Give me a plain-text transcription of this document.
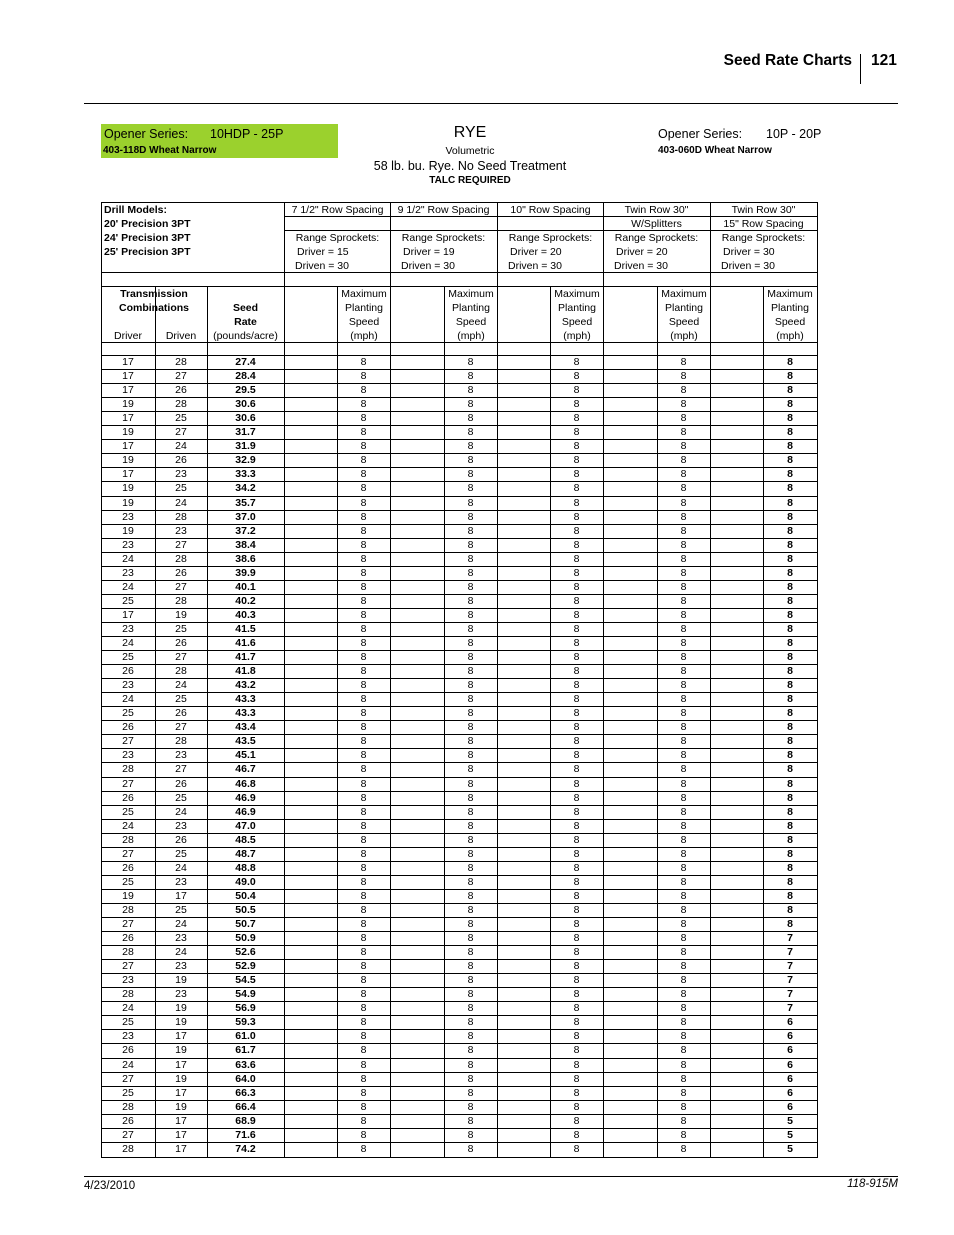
Seed Rate Charts 121
Opener Series: 10HDP - 25P
403-118D Wheat Narrow
RYE
Volumetric
58 lb. bu. Rye. No Seed Treatment
TALC REQUIRED
Opener Series: 10P - 20P
403-060D Wheat Narrow
Drill Models:
20' Precision 3PT
24' Precision 3PT
25' Precision 3PT
7 1/2" Row Spacing
Range Sprockets:
Driver = 15
Driven = 30
9 1/2" Row Spacing
Range Sprockets:
Driver = 19
Driven = 30
10" Row Spacing
Range Sprockets:
Driver = 20
Driven = 30
Twin Row 30"
W/Splitters
Range Sprockets:
Driver = 20
Driven = 30
Twin Row 30"
15" Row Spacing
Range Sprockets:
Driver = 30
Driven = 30
Transmission
Combinations
Driver	Driven
Seed
Rate
(pounds/acre)
Maximum
Planting
Speed
(mph)
Maximum
Planting
Speed
(mph)
Maximum
Planting
Speed
(mph)
Maximum
Planting
Speed
(mph)
Maximum
Planting
Speed
(mph)
17	28	27.4	8	8	8	8	8
17	27	28.4	8	8	8	8	8
17	26	29.5	8	8	8	8	8
19	28	30.6	8	8	8	8	8
17	25	30.6	8	8	8	8	8
19	27	31.7	8	8	8	8	8
17	24	31.9	8	8	8	8	8
19	26	32.9	8	8	8	8	8
17	23	33.3	8	8	8	8	8
19	25	34.2	8	8	8	8	8
19	24	35.7	8	8	8	8	8
23	28	37.0	8	8	8	8	8
19	23	37.2	8	8	8	8	8
23	27	38.4	8	8	8	8	8
24	28	38.6	8	8	8	8	8
23	26	39.9	8	8	8	8	8
24	27	40.1	8	8	8	8	8
25	28	40.2	8	8	8	8	8
17	19	40.3	8	8	8	8	8
23	25	41.5	8	8	8	8	8
24	26	41.6	8	8	8	8	8
25	27	41.7	8	8	8	8	8
26	28	41.8	8	8	8	8	8
23	24	43.2	8	8	8	8	8
24	25	43.3	8	8	8	8	8
25	26	43.3	8	8	8	8	8
26	27	43.4	8	8	8	8	8
27	28	43.5	8	8	8	8	8
23	23	45.1	8	8	8	8	8
28	27	46.7	8	8	8	8	8
27	26	46.8	8	8	8	8	8
26	25	46.9	8	8	8	8	8
25	24	46.9	8	8	8	8	8
24	23	47.0	8	8	8	8	8
28	26	48.5	8	8	8	8	8
27	25	48.7	8	8	8	8	8
26	24	48.8	8	8	8	8	8
25	23	49.0	8	8	8	8	8
19	17	50.4	8	8	8	8	8
28	25	50.5	8	8	8	8	8
27	24	50.7	8	8	8	8	8
26	23	50.9	8	8	8	8	7
28	24	52.6	8	8	8	8	7
27	23	52.9	8	8	8	8	7
23	19	54.5	8	8	8	8	7
28	23	54.9	8	8	8	8	7
24	19	56.9	8	8	8	8	7
25	19	59.3	8	8	8	8	6
23	17	61.0	8	8	8	8	6
26	19	61.7	8	8	8	8	6
24	17	63.6	8	8	8	8	6
27	19	64.0	8	8	8	8	6
25	17	66.3	8	8	8	8	6
28	19	66.4	8	8	8	8	6
26	17	68.9	8	8	8	8	5
27	17	71.6	8	8	8	8	5
28	17	74.2	8	8	8	8	5
4/23/2010	118-915M
